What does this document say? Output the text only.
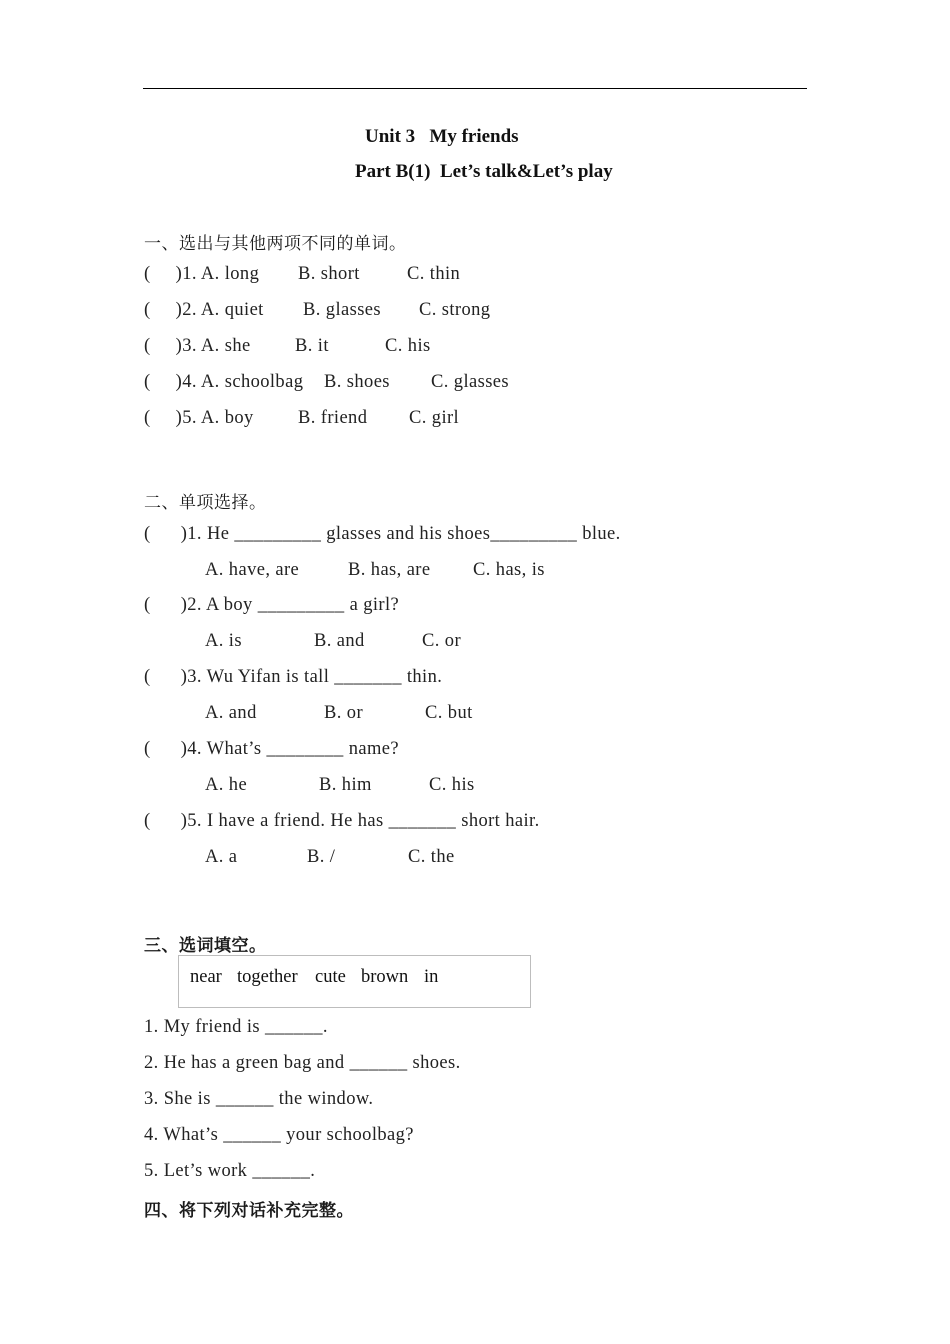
Unit 3   My friends
Part B(1)  Let’s talk&Let’s play
一、选出与其他两项不同的单词。
(     )1. A. long B. short	C. thin
(     )2. A. quiet B. glasses C. strong
(     )3. A. she B. it	C. his
(     )4. A. schoolbag B. shoes C. glasses
(     )5. A. boy B. friend C. girl
二、单项选择。
(      )1. He _________ glasses and his shoes_________ blue.
A. have, are	B. has, are C. has, is
(      )2. A boy _________ a girl?
A. is	B. and	C. or
(      )3. Wu Yifan is tall _______ thin.
A. and	B. or	C. but
(      )4. What’s ________ name?
A. he	B. him	C. his
(      )5. I have a friend. He has _______ short hair.
A. a	B. /	C. the
三、选词填空。
near together cute brown in
1. My friend is ______.
2. He has a green bag and ______ shoes.
3. She is ______ the window.
4. What’s ______ your schoolbag?
5. Let’s work ______.
四、将下列对话补充完整。
